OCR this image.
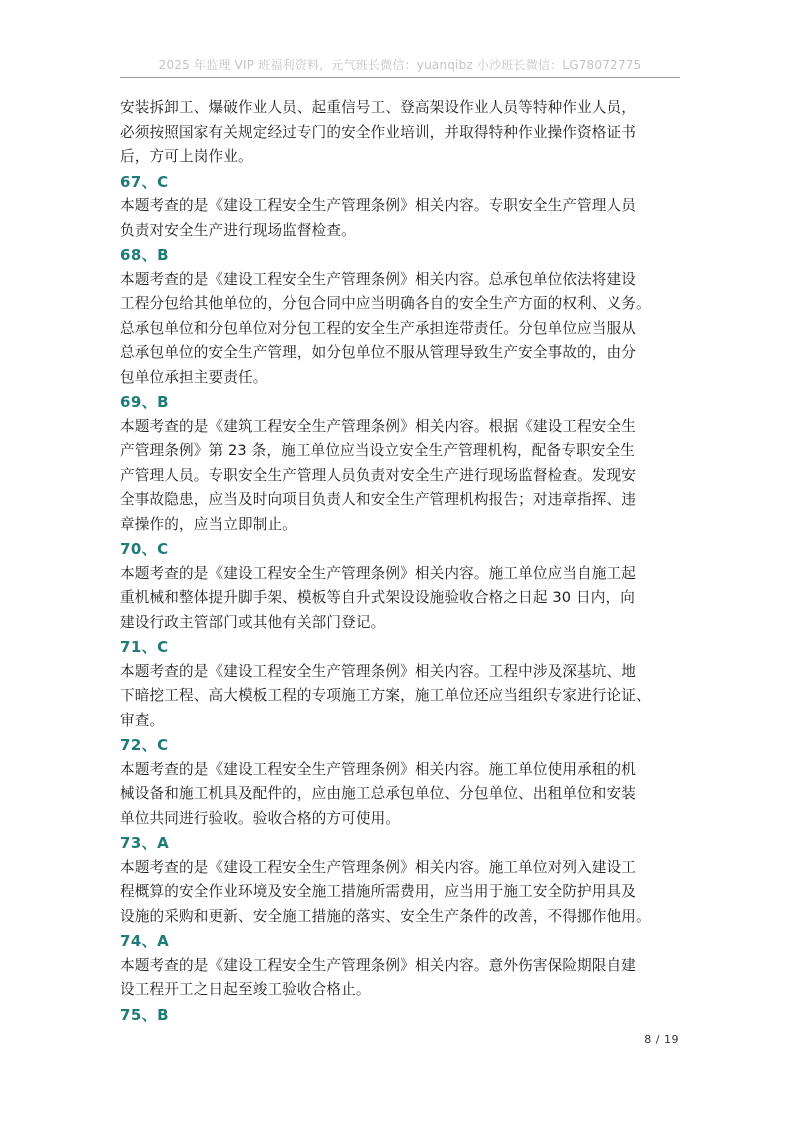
2025 年监理 VIP 班福利资料，元气班长微信：yuanqibz 小沙班长微信：LG78072775
安装拆卸工、爆破作业人员、起重信号工、登高架设作业人员等特种作业人员，
必须按照国家有关规定经过专门的安全作业培训，并取得特种作业操作资格证书
后，方可上岗作业。
67、C
本题考查的是《建设工程安全生产管理条例》相关内容。专职安全生产管理人员
负责对安全生产进行现场监督检查。
68、B
本题考查的是《建设工程安全生产管理条例》相关内容。总承包单位依法将建设
工程分包给其他单位的，分包合同中应当明确各自的安全生产方面的权利、义务。
总承包单位和分包单位对分包工程的安全生产承担连带责任。分包单位应当服从
总承包单位的安全生产管理，如分包单位不服从管理导致生产安全事故的，由分
包单位承担主要责任。
69、B
本题考查的是《建筑工程安全生产管理条例》相关内容。根据《建设工程安全生
产管理条例》第 23 条，施工单位应当设立安全生产管理机构，配备专职安全生
产管理人员。专职安全生产管理人员负责对安全生产进行现场监督检查。发现安
全事故隐患，应当及时向项目负责人和安全生产管理机构报告；对违章指挥、违
章操作的，应当立即制止。
70、C
本题考查的是《建设工程安全生产管理条例》相关内容。施工单位应当自施工起
重机械和整体提升脚手架、模板等自升式架设设施验收合格之日起 30 日内，向
建设行政主管部门或其他有关部门登记。
71、C
本题考查的是《建设工程安全生产管理条例》相关内容。工程中涉及深基坑、地
下暗挖工程、高大模板工程的专项施工方案，施工单位还应当组织专家进行论证、
审查。
72、C
本题考查的是《建设工程安全生产管理条例》相关内容。施工单位使用承租的机
械设备和施工机具及配件的，应由施工总承包单位、分包单位、出租单位和安装
单位共同进行验收。验收合格的方可使用。
73、A
本题考查的是《建设工程安全生产管理条例》相关内容。施工单位对列入建设工
程概算的安全作业环境及安全施工措施所需费用，应当用于施工安全防护用具及
设施的采购和更新、安全施工措施的落实、安全生产条件的改善，不得挪作他用。
74、A
本题考查的是《建设工程安全生产管理条例》相关内容。意外伤害保险期限自建
设工程开工之日起至竣工验收合格止。
75、B
8 / 19
